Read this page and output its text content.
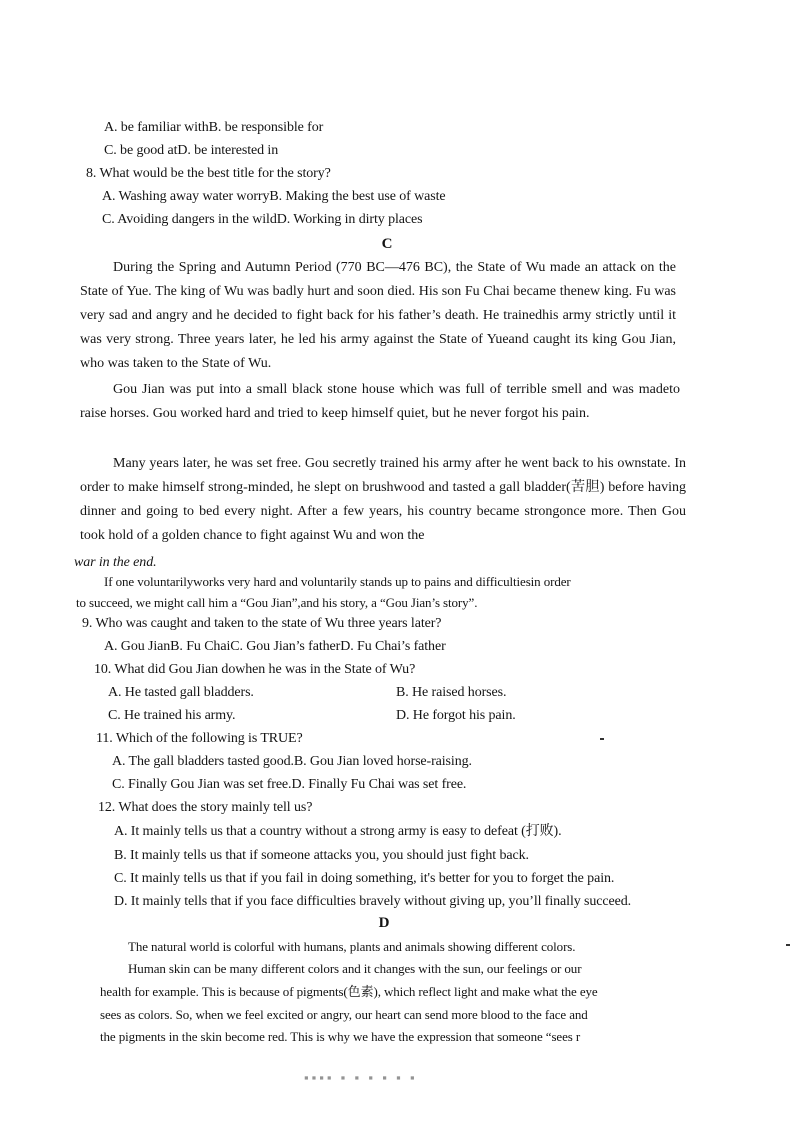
A. be familiar withB. be responsible for
C. be good atD. be interested in
8. What would be the best title for the story?
A. Washing away water worryB. Making the best use of waste
C. Avoiding dangers in the wildD. Working in dirty places
C
During the Spring and Autumn Period (770 BC—476 BC), the State of Wu made an attack on the State of Yue. The king of Wu was badly hurt and soon died. His son Fu Chai became thenew king. Fu was very sad and angry and he decided to fight back for his father’s death. He trainedhis army strictly until it was very strong. Three years later, he led his army against the State of Yueand caught its king Gou Jian, who was taken to the State of Wu.
Gou Jian was put into a small black stone house which was full of terrible smell and was madeto raise horses. Gou worked hard and tried to keep himself quiet, but he never forgot his pain.
Many years later, he was set free. Gou secretly trained his army after he went back to his ownstate. In order to make himself strong-minded, he slept on brushwood and tasted a gall bladder(苦胆) before having dinner and going to bed every night. After a few years, his country became strongonce more. Then Gou took hold of a golden chance to fight against Wu and won the
war in the end.
If one voluntarilyworks very hard and voluntarily stands up to pains and difficultiesin order
to succeed, we might call him a “Gou Jian”,and his story, a “Gou Jian’s story”.
9. Who was caught and taken to the state of Wu three years later?
A. Gou JianB. Fu ChaiC. Gou Jian’s fatherD. Fu Chai’s father
10. What did Gou Jian dowhen he was in the State of Wu?
A. He tasted gall bladders.	B. He raised horses.
C. He trained his army.	D. He forgot his pain.
11. Which of the following is TRUE?
A. The gall bladders tasted good.B. Gou Jian loved horse-raising.
C. Finally Gou Jian was set free.D. Finally Fu Chai was set free.
12. What does the story mainly tell us?
A. It mainly tells us that a country without a strong army is easy to defeat (打败).
B. It mainly tells us that if someone attacks you, you should just fight back.
C. It mainly tells us that if you fail in doing something, it's better for you to forget the pain.
D. It mainly tells that if you face difficulties bravely without giving up, you’ll finally succeed.
D
The natural world is colorful with humans, plants and animals showing different colors.
Human skin can be many different colors and it changes with the sun, our feelings or our
health for example. This is because of pigments(色素), which reflect light and make what the eye
sees as colors. So, when we feel excited or angry, our heart can send more blood to the face and
the pigments in the skin become red. This is why we have the expression that someone “sees r
▪▪▪▪ ▪ ▪ ▪ ▪ ▪ ▪
